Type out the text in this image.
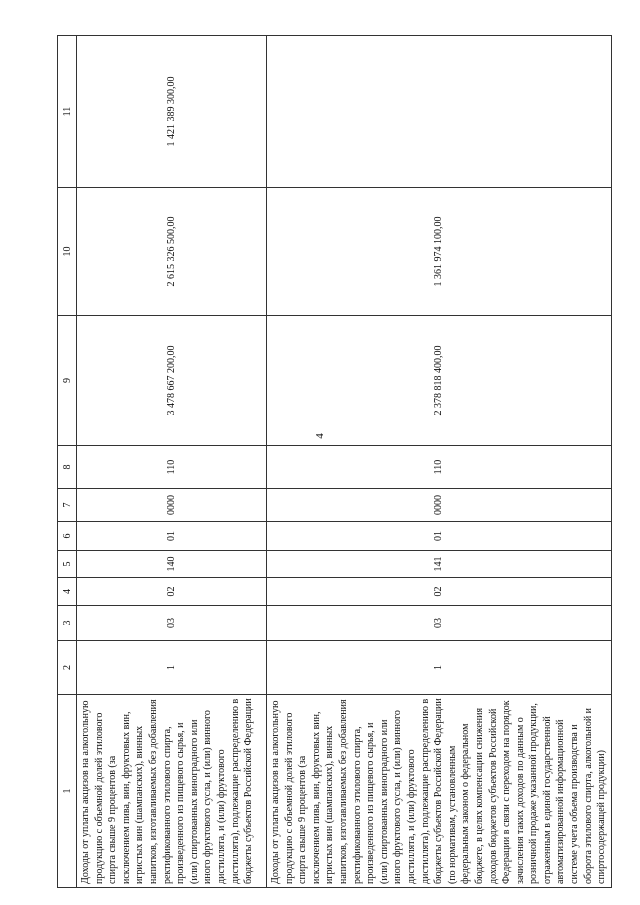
4
1	2	3	4	5	6	7	8	9	10	11
Доходы от уплаты акцизов на алкогольную продукцию с объемной долей этилового спирта свыше 9 процентов (за исключением пива, вин, фруктовых вин, игристых вин (шампанских), винных напитков, изготавливаемых без добавления ректификованного этилового спирта, произведенного из пищевого сырья, и (или) спиртованных виноградного или иного фруктового сусла, и (или) винного дистиллята, и (или) фруктового дистиллята), подлежащие распределению в бюджеты субъектов Российской Федерации	1	03	02	140	01	0000	110	3 478 667 200,00	2 615 326 500,00	1 421 389 300,00
Доходы от уплаты акцизов на алкогольную продукцию с объемной долей этилового спирта свыше 9 процентов (за исключением пива, вин, фруктовых вин, игристых вин (шампанских), винных напитков, изготавливаемых без добавления ректификованного этилового спирта, произведенного из пищевого сырья, и (или) спиртованных виноградного или иного фруктового сусла, и (или) винного дистиллята, и (или) фруктового дистиллята), подлежащие распределению в бюджеты субъектов Российской Федерации (по нормативам, установленным федеральным законом о федеральном бюджете, в целях компенсации снижения доходов бюджетов субъектов Российской Федерации в связи с переходом на порядок зачисления таких доходов по данным о розничной продаже указанной продукции, отраженным в единой государственной автоматизированной информационной системе учета объема производства и оборота этилового спирта, алкогольной и спиртосодержащей продукции)	1	03	02	141	01	0000	110	2 378 818 400,00	1 361 974 100,00	
